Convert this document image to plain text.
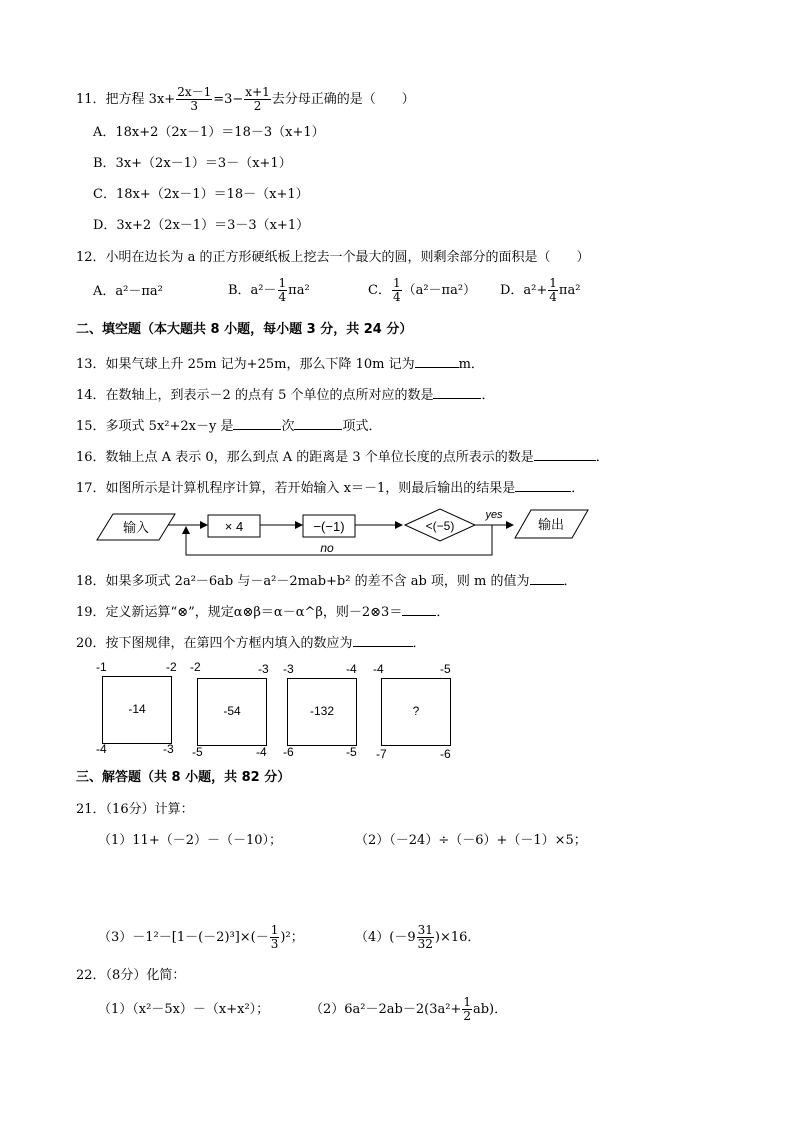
11．把方程 $3x+ \frac{2x-1}{3} =3- \frac{x+1}{2}$ 去分母正确的是（　　）
A．18x+2（2x－1）＝18－3（x+1）
B．3x+（2x－1）＝3－（x+1）
C．18x+（2x－1）＝18－（x+1）
D．3x+2（2x－1）＝3－3（x+1）
12．小明在边长为 a 的正方形硬纸板上挖去一个最大的圆，则剩余部分的面积是（　　）
A．a²－πa²	B．$a^2- \frac{1}{4} \pi a^2$	C． $\frac{1}{4} (a^2-\pi a^2)$ D．$a^2+ \frac{1}{4} \pi a^2$
二、填空题（本大题共 8 小题，每小题 3 分，共 24 分）
13．如果气球上升 25m 记为+25m，那么下降 10m 记为	m．
14．在数轴上，到表示－2 的点有 5 个单位的点所对应的数是	．
15．多项式 5x²+2x－y 是	次	项式．
16．数轴上点 A 表示 0，那么到点 A 的距离是 3 个单位长度的点所表示的数是	．
17．如图所示是计算机程序计算，若开始输入 x＝－1，则最后输出的结果是	．
输入	× 4	−(−1)	<(−5)
yes
输出
no
18．如果多项式 2a²－6ab 与－a²－2mab+b² 的差不含 ab 项，则 m 的值为	．
19．定义新运算“⊗”，规定α⊗β＝α－α^β，则－2⊗3＝	．
20．按下图规律，在第四个方框内填入的数应为	．
-1	-2
-14
-4	-3
-2	-3
-54
-5	-4
-3	-4
-132
-6	-5
-4	-5
?
-7	-6
三、解答题（共 8 小题，共 82 分）
21．（16分）计算：
（1）11+（－2）－（－10）；	（2）（－24）÷（－6）+（－1）×5；
$(3)-1^2-[1-(-2)^3]\times(- \frac{1}{3} )^2$；	$(4)(-9 \frac{31}{32} )\times 16$．
22．（8分）化简：
（1）（x²－5x）－（x+x²）；	$(2)6a^2-2ab-2(3a^2+ \frac{1}{2} ab)$．
